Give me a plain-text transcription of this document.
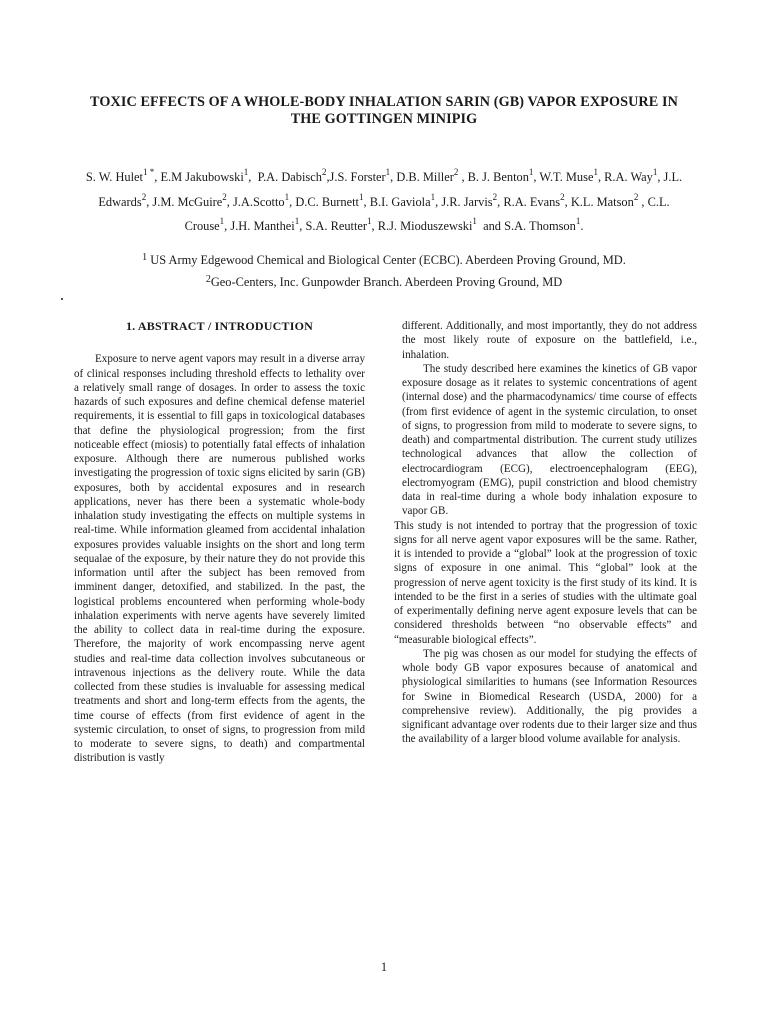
TOXIC EFFECTS OF A WHOLE-BODY INHALATION SARIN (GB) VAPOR EXPOSURE IN

THE GOTTINGEN MINIPIG

S. W. Hulet$^{1 *}$, E.M Jakubowski$^1$,  P.A. Dabisch$^2$,J.S. Forster$^1$, D.B. Miller$^2$ , B. J. Benton$^1$, W.T. Muse$^1$, R.A. Way$^1$, J.L.

Edwards$^2$, J.M. McGuire$^2$, J.A.Scotto$^1$, D.C. Burnett$^1$, B.I. Gaviola$^1$, J.R. Jarvis$^2$, R.A. Evans$^2$, K.L. Matson$^2$ , C.L.

Crouse$^1$, J.H. Manthei$^1$, S.A. Reutter$^1$, R.J. Mioduszewski$^1$  and S.A. Thomson$^1$.

$^1$ US Army Edgewood Chemical and Biological Center (ECBC). Aberdeen Proving Ground, MD.

$^2$Geo-Centers, Inc. Gunpowder Branch. Aberdeen Proving Ground, MD

1. ABSTRACT / INTRODUCTION

Exposure to nerve agent vapors may result in a diverse array of clinical responses including threshold effects to lethality over a relatively small range of dosages. In order to assess the toxic hazards of such exposures and define chemical defense materiel requirements, it is essential to fill gaps in toxicological databases that define the physiological progression; from the first noticeable effect (miosis) to potentially fatal effects of inhalation exposure. Although there are numerous published works investigating the progression of toxic signs elicited by sarin (GB) exposures, both by accidental exposures and in research applications, never has there been a systematic whole-body inhalation study investigating the effects on multiple systems in real-time. While information gleamed from accidental inhalation exposures provides valuable insights on the short and long term sequalae of the exposure, by their nature they do not provide this information until after the subject has been removed from imminent danger, detoxified, and stabilized. In the past, the logistical problems encountered when performing whole-body inhalation experiments with nerve agents have severely limited the ability to collect data in real-time during the exposure. Therefore, the majority of work encompassing nerve agent studies and real-time data collection involves subcutaneous or intravenous injections as the delivery route. While the data collected from these studies is invaluable for assessing medical treatments and short and long-term effects from the agents, the time course of effects (from first evidence of agent in the systemic circulation, to onset of signs, to progression from mild to moderate to severe signs, to death) and compartmental distribution is vastly

different. Additionally, and most importantly, they do not address the most likely route of exposure on the battlefield, i.e., inhalation.

The study described here examines the kinetics of GB vapor exposure dosage as it relates to systemic concentrations of agent (internal dose) and the pharmacodynamics/ time course of effects (from first evidence of agent in the systemic circulation, to onset of signs, to progression from mild to moderate to severe signs, to death) and compartmental distribution. The current study utilizes technological advances that allow the collection of electrocardiogram (ECG), electroencephalogram (EEG), electromyogram (EMG), pupil constriction and blood chemistry data in real-time during a whole body inhalation exposure to vapor GB.

This study is not intended to portray that the progression of toxic signs for all nerve agent vapor exposures will be the same. Rather, it is intended to provide a “global” look at the progression of toxic signs of exposure in one animal. This “global” look at the progression of nerve agent toxicity is the first study of its kind. It is intended to be the first in a series of studies with the ultimate goal of experimentally defining nerve agent exposure levels that can be considered thresholds between “no observable effects” and “measurable biological effects”.

The pig was chosen as our model for studying the effects of whole body GB vapor exposures because of anatomical and physiological similarities to humans (see Information Resources for Swine in Biomedical Research (USDA, 2000) for a comprehensive review). Additionally, the pig provides a significant advantage over rodents due to their larger size and thus the availability of a larger blood volume available for analysis.

1
